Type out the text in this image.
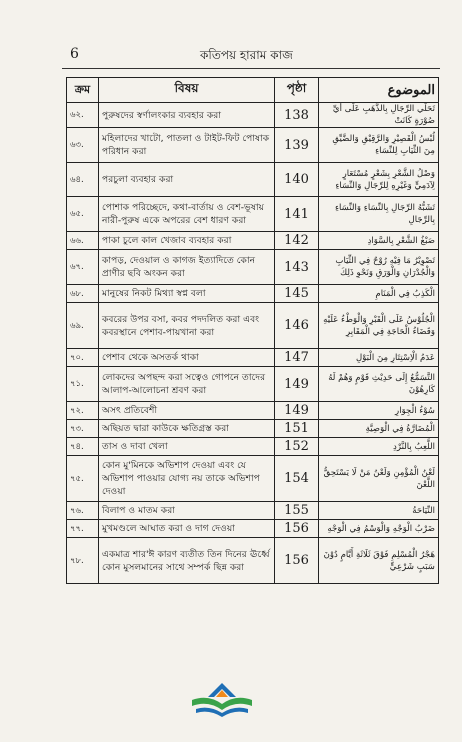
6	কতিপয় হারাম কাজ
ক্রম	বিষয়	পৃষ্ঠা	الموضوع
৬২.	পুরুষদের স্বর্ণালংকার ব্যবহার করা	138	تَحَلِّي الرِّجَالِ بِالذَّهَبِ عَلَى أَيِّ صُوْرَةٍ كَانَتْ
৬৩.	মহিলাদের খাটো, পাতলা ও টাইট-ফিট পোষাক পরিধান করা	139	لُبْسُ الْقَصِيْرِ وَالرَّقِيْقِ وَالضَّيِّقِ مِنَ الثِّيَابِ لِلنِّسَاءِ
৬৪.	পরচুলা ব্যবহার করা	140	وَصْلُ الشَّعْرِ بِشَعْرٍ مُسْتَعَارٍ لِآدَمِيٍّ وَغَيْرِهِ لِلرِّجَالِ وَالنِّسَاءِ
৬৫.	পোশাক পরিচ্ছেদে, কথা-বার্তায় ও বেশ-ভূষায় নারী-পুরুষ একে অপরের বেশ ধারণ করা	141	تَشَبُّهُ الرِّجَالِ بِالنِّسَاءِ وَالنِّسَاءِ بِالرِّجَالِ
৬৬.	পাকা চুলে কাল খেজাব ব্যবহার করা	142	صَبْغُ الشَّعْرِ بِالسَّوَادِ
৬৭.	কাপড়, দেওয়াল ও কাগজ ইত্যাদিতে কোন প্রাণীর ছবি অংকন করা	143	تَصْوِيْرُ مَا فِيْهِ رُوْحٌ فِي الثِّيَابِ وَالْجُدْرَانِ وَالْوَرَقِ وَنَحْوِ ذَلِكَ
৬৮.	মানুষের নিকট মিথ্যা স্বপ্ন বলা	145	الْكَذِبُ فِي الْمَنَامِ
৬৯.	কবরের উপর বসা, কবর পদদলিত করা এবং কবরস্থানে পেশাব-পায়খানা করা	146	الْجُلُوْسُ عَلَى الْقَبْرِ وَالْوَطْءُ عَلَيْهِ وَقَضَاءُ الْحَاجَةِ فِي الْمَقَابِرِ
৭০.	পেশাব থেকে অসতর্ক থাকা	147	عَدَمُ الْاِسْتِتَارِ مِنَ الْبَوْلِ
৭১.	লোকদের অপছন্দ করা সত্বেও গোপনে তাদের আলাপ-আলোচনা শ্রবণ করা	149	التَّسَمُّعُ إِلَى حَدِيْثِ قَوْمٍ وَهُمْ لَهُ كَارِهُوْنَ
৭২.	অসৎ প্রতিবেশী	149	سُوْءُ الْجِوَارِ
৭৩.	অছিয়ত দ্বারা কাউকে ক্ষতিগ্রস্ত করা	151	الْمُضَارَّةُ فِي الْوَصِيَّةِ
৭৪.	তাস ও দাবা খেলা	152	اللَّعِبُ بِالنَّرْدِ
৭৫.	কোন মু'মিনকে অভিশাপ দেওয়া এবং যে অভিশাপ পাওয়ার যোগ্য নয় তাকে অভিশাপ দেওয়া	154	لَعْنُ الْمُؤْمِنِ وَلَعْنُ مَنْ لَا يَسْتَحِقُّ اللَّعْنَ
৭৬.	বিলাপ ও মাতম করা	155	النِّيَاحَةُ
৭৭.	মুখমণ্ডলে আঘাত করা ও দাগ দেওয়া	156	ضَرْبُ الْوَجْهِ وَالْوَسْمُ فِي الْوَجْهِ
৭৮.	একমাত্র শার'ঈ কারণ ব্যতীত তিন দিনের ঊর্ধ্বে কোন মুসলমানের সাথে সম্পর্ক ছিন্ন করা	156	هَجْرُ الْمُسْلِمِ فَوْقَ ثَلَاثَةِ أَيَّامٍ دُوْنَ سَبَبٍ شَرْعِيٍّ
